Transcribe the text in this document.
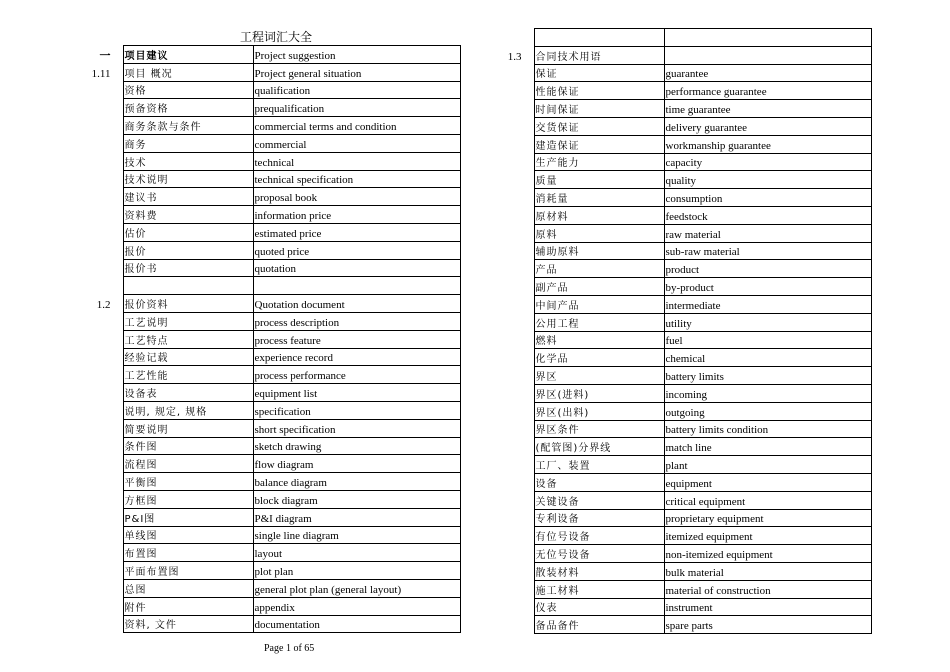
工程词汇大全
一	项目建议	Project suggestion
1.11	项目 概况	Project general situation
	资格	qualification
	预备资格	prequalification
	商务条款与条件	commercial terms and condition
	商务	commercial
	技术	technical
	技术说明	technical specification
	建议书	proposal book
	资料费	information price
	估价	estimated price
	报价	quoted price
	报价书	quotation

1.2	报价资料	Quotation document
	工艺说明	process description
	工艺特点	process feature
	经验记载	experience record
	工艺性能	process performance
	设备表	equipment list
	说明, 规定, 规格	specification
	简要说明	short specification
	条件图	sketch drawing
	流程图	flow diagram
	平衡图	balance diagram
	方框图	block diagram
	P&I图	P&I diagram
	单线图	single line diagram
	布置图	layout
	平面布置图	plot plan
	总图	general plot plan (general layout)
	附件	appendix
	资料, 文件	documentation

1.3	合同技术用语	
	保证	guarantee
	性能保证	performance guarantee
	时间保证	time guarantee
	交货保证	delivery guarantee
	建造保证	workmanship guarantee
	生产能力	capacity
	质量	quality
	消耗量	consumption
	原材料	feedstock
	原料	raw material
	辅助原料	sub-raw material
	产品	product
	副产品	by-product
	中间产品	intermediate
	公用工程	utility
	燃料	fuel
	化学品	chemical
	界区	battery limits
	界区(进料)	incoming
	界区(出料)	outgoing
	界区条件	battery limits condition
	(配管图)分界线	match line
	工厂、装置	plant
	设备	equipment
	关键设备	critical equipment
	专利设备	proprietary equipment
	有位号设备	itemized equipment
	无位号设备	non-itemized equipment
	散装材料	bulk material
	施工材料	material of construction
	仪表	instrument
	备品备件	spare parts
Page 1 of 65
